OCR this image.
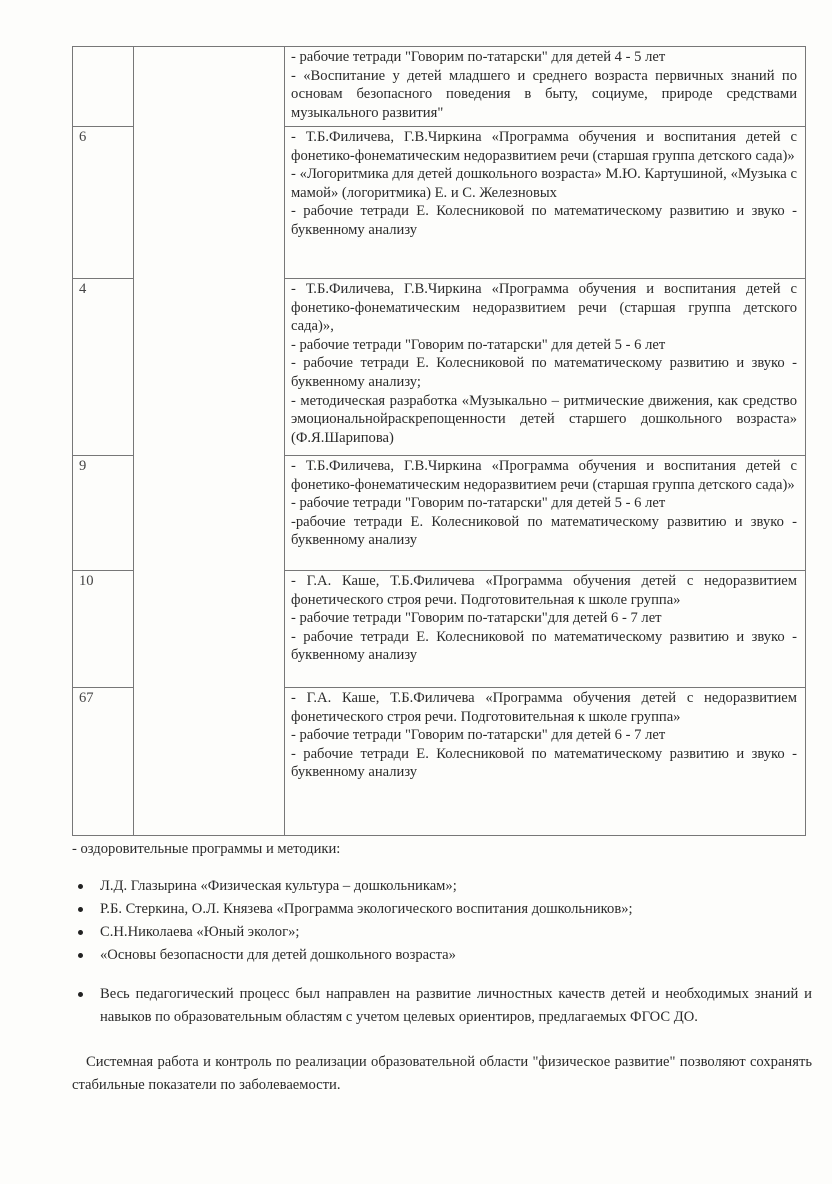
		- рабочие тетради "Говорим по-татарски" для детей 4 - 5 лет
- «Воспитание у детей младшего и среднего возраста первичных знаний по основам безопасного поведения в быту, социуме, природе средствами музыкального развития"

6		- Т.Б.Филичева, Г.В.Чиркина «Программа обучения и воспитания детей с фонетико-фонематическим недоразвитием речи (старшая группа детского сада)»
- «Логоритмика для детей дошкольного возраста» М.Ю. Картушиной, «Музыка с мамой» (логоритмика) Е. и С. Железновых
- рабочие тетради Е. Колесниковой по математическому развитию и звуко - буквенному анализу

4		- Т.Б.Филичева, Г.В.Чиркина «Программа обучения и воспитания детей с фонетико-фонематическим недоразвитием речи (старшая группа детского сада)»,
- рабочие тетради "Говорим по-татарски" для детей 5 - 6 лет
- рабочие тетради Е. Колесниковой по математическому развитию и звуко - буквенному анализу;
- методическая разработка «Музыкально – ритмические движения, как средство эмоциональнойраскрепощенности детей старшего дошкольного возраста» (Ф.Я.Шарипова)

9		- Т.Б.Филичева, Г.В.Чиркина «Программа обучения и воспитания детей с фонетико-фонематическим недоразвитием речи (старшая группа детского сада)»
- рабочие тетради "Говорим по-татарски" для детей 5 - 6 лет
-рабочие тетради Е. Колесниковой по математическому развитию и звуко - буквенному анализу

10		- Г.А. Каше, Т.Б.Филичева «Программа обучения детей с недоразвитием фонетического строя речи. Подготовительная к школе группа»
- рабочие тетради "Говорим по-татарски"для детей 6 - 7 лет
- рабочие тетради Е. Колесниковой по математическому развитию и звуко - буквенному анализу

67		- Г.А. Каше, Т.Б.Филичева «Программа обучения детей с недоразвитием фонетического строя речи. Подготовительная к школе группа»
- рабочие тетради "Говорим по-татарски" для детей 6 - 7 лет
- рабочие тетради Е. Колесниковой по математическому развитию и звуко - буквенному анализу

- оздоровительные программы и методики:

Л.Д. Глазырина «Физическая культура – дошкольникам»;
Р.Б. Стеркина, О.Л. Князева «Программа экологического воспитания дошкольников»;
С.Н.Николаева «Юный эколог»;
«Основы безопасности для детей дошкольного возраста»
Весь педагогический процесс был направлен на развитие личностных качеств детей и необходимых знаний и навыков по образовательным областям с учетом целевых ориентиров, предлагаемых ФГОС ДО.

Системная работа и контроль по реализации образовательной области "физическое развитие" позволяют сохранять стабильные показатели по заболеваемости.
